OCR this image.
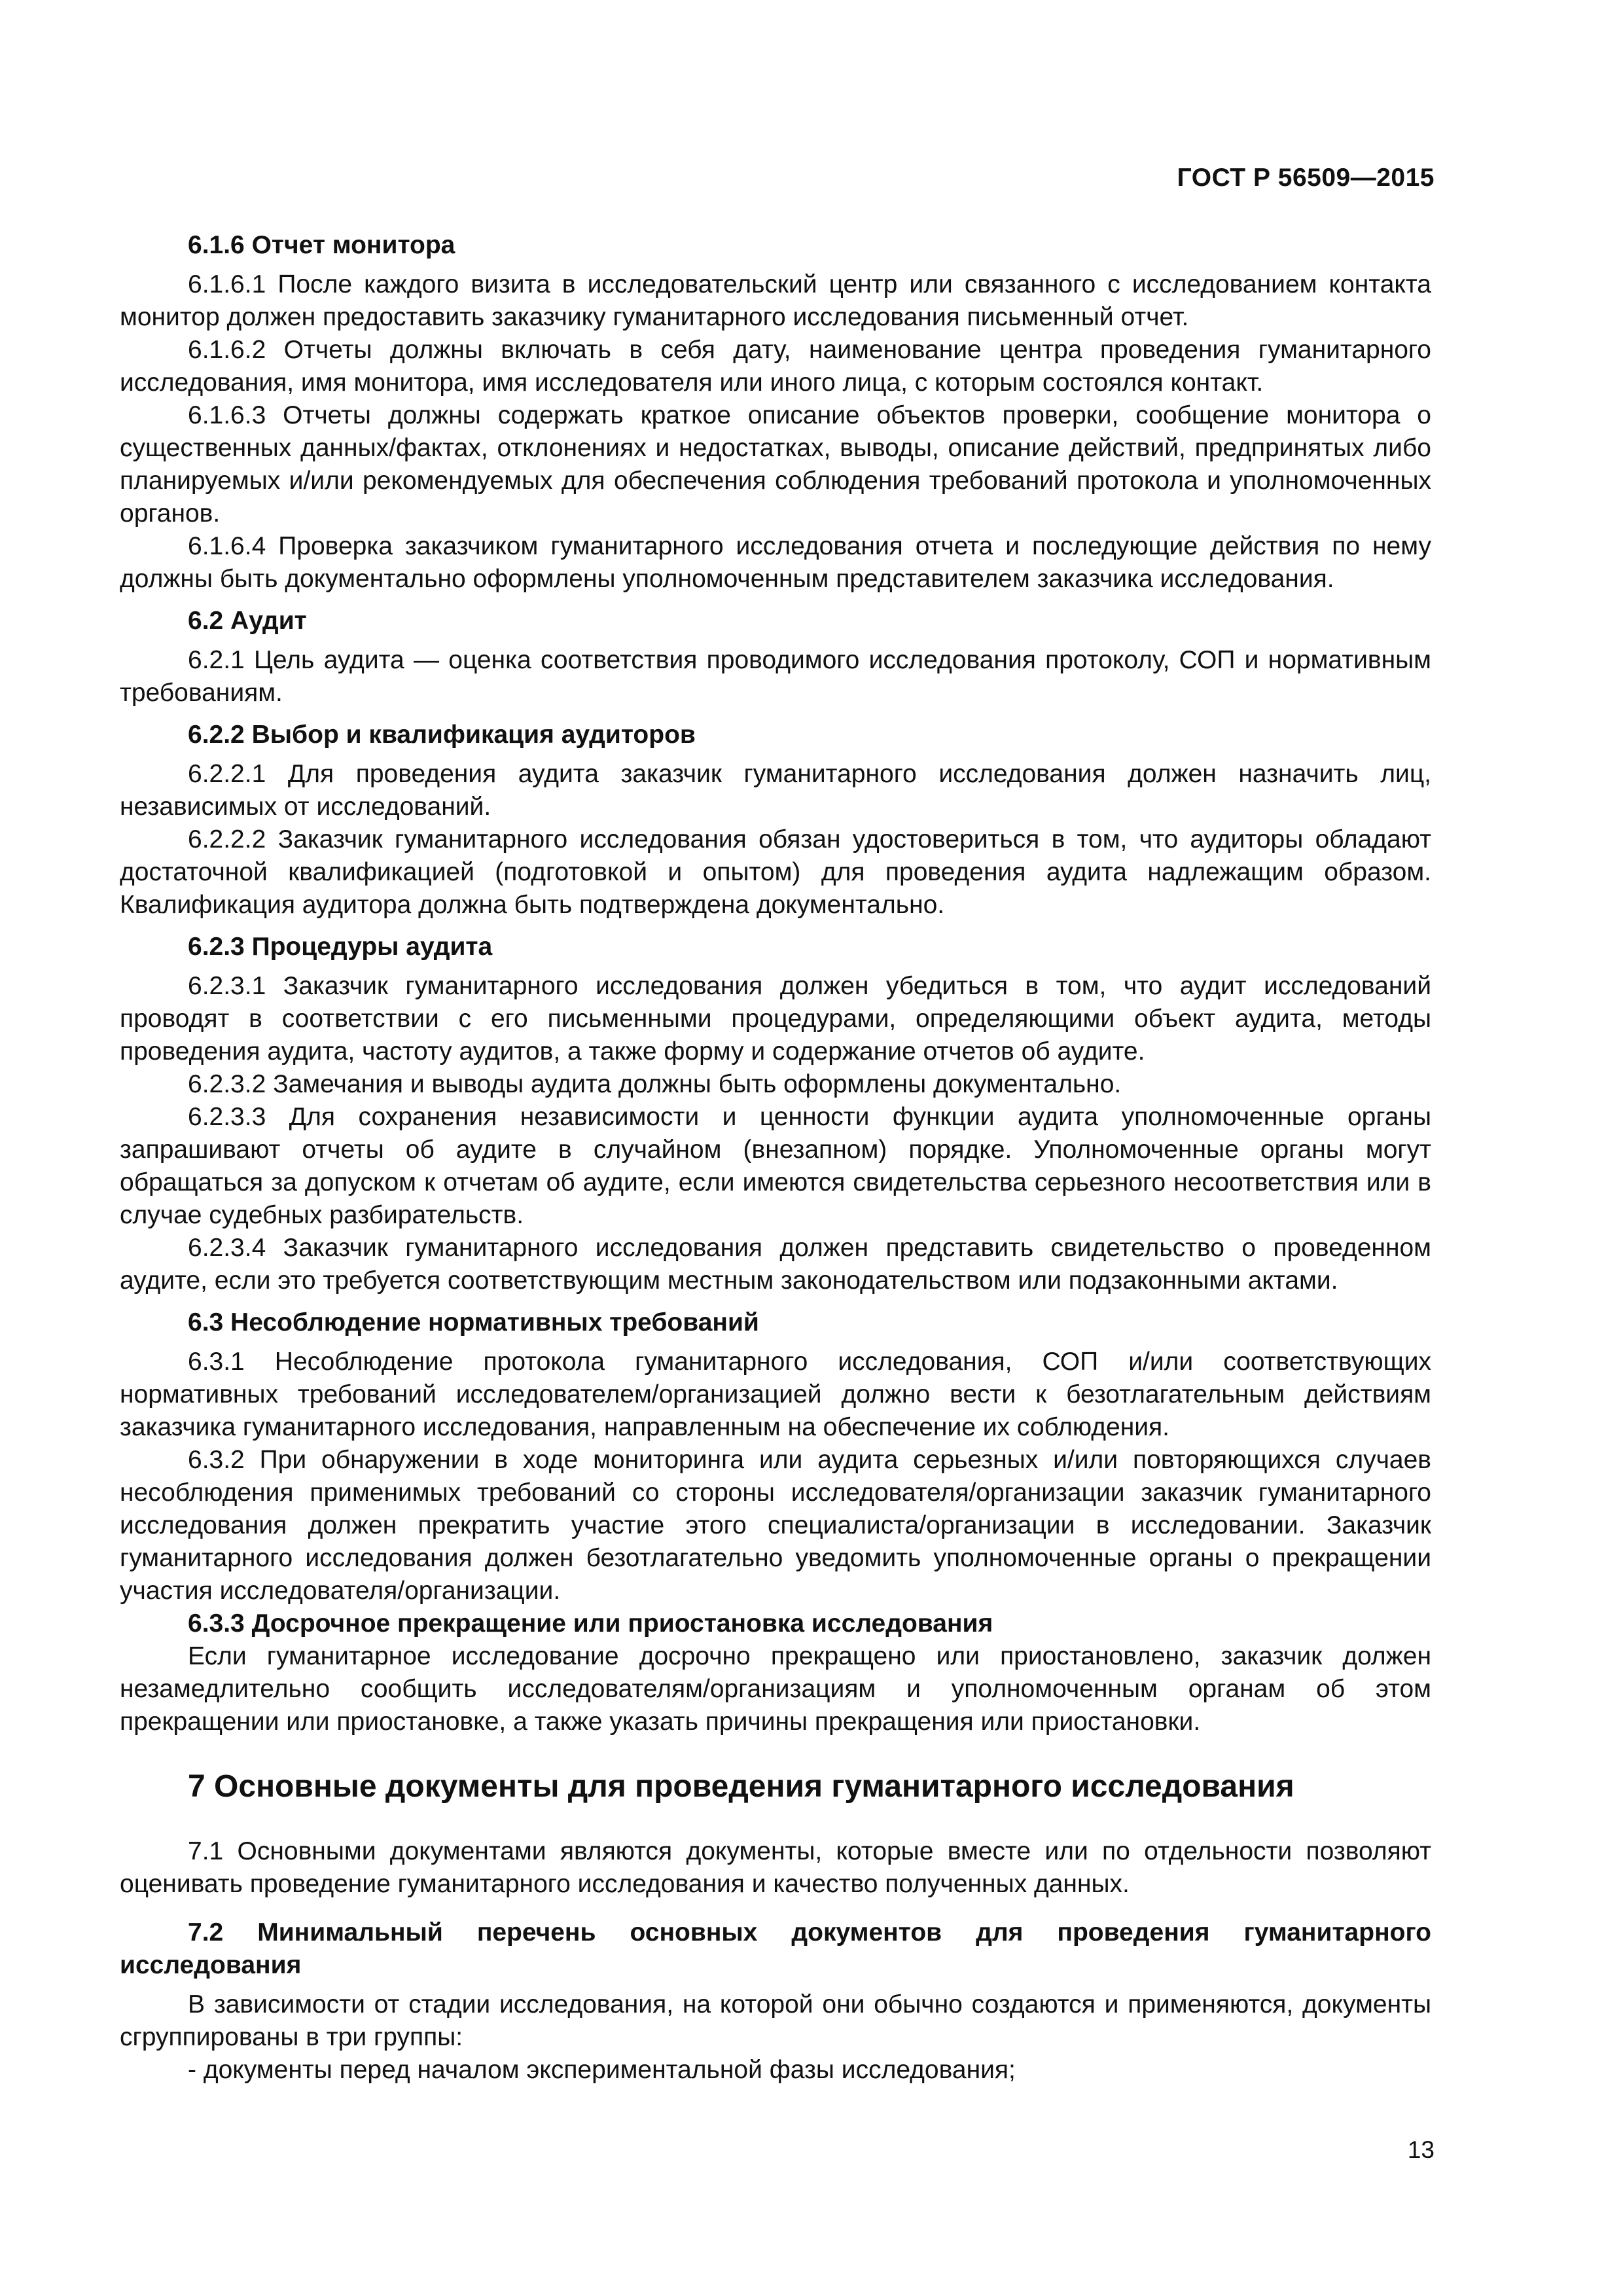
ГОСТ Р 56509—2015
6.1.6 Отчет монитора

6.1.6.1 После каждого визита в исследовательский центр или связанного с исследованием контакта монитор должен предоставить заказчику гуманитарного исследования письменный отчет.

6.1.6.2 Отчеты должны включать в себя дату, наименование центра проведения гуманитарного исследования, имя монитора, имя исследователя или иного лица, с которым состоялся контакт.

6.1.6.3 Отчеты должны содержать краткое описание объектов проверки, сообщение монитора о существенных данных/фактах, отклонениях и недостатках, выводы, описание действий, предпринятых либо планируемых и/или рекомендуемых для обеспечения соблюдения требований протокола и уполномоченных органов.

6.1.6.4 Проверка заказчиком гуманитарного исследования отчета и последующие действия по нему должны быть документально оформлены уполномоченным представителем заказчика исследования.

6.2 Аудит

6.2.1 Цель аудита — оценка соответствия проводимого исследования протоколу, СОП и нормативным требованиям.

6.2.2 Выбор и квалификация аудиторов

6.2.2.1 Для проведения аудита заказчик гуманитарного исследования должен назначить лиц, независимых от исследований.

6.2.2.2 Заказчик гуманитарного исследования обязан удостовериться в том, что аудиторы обладают достаточной квалификацией (подготовкой и опытом) для проведения аудита надлежащим образом. Квалификация аудитора должна быть подтверждена документально.

6.2.3 Процедуры аудита

6.2.3.1 Заказчик гуманитарного исследования должен убедиться в том, что аудит исследований проводят в соответствии с его письменными процедурами, определяющими объект аудита, методы проведения аудита, частоту аудитов, а также форму и содержание отчетов об аудите.

6.2.3.2 Замечания и выводы аудита должны быть оформлены документально.

6.2.3.3 Для сохранения независимости и ценности функции аудита уполномоченные органы запрашивают отчеты об аудите в случайном (внезапном) порядке. Уполномоченные органы могут обращаться за допуском к отчетам об аудите, если имеются свидетельства серьезного несоответствия или в случае судебных разбирательств.

6.2.3.4 Заказчик гуманитарного исследования должен представить свидетельство о проведенном аудите, если это требуется соответствующим местным законодательством или подзаконными актами.

6.3 Несоблюдение нормативных требований

6.3.1 Несоблюдение протокола гуманитарного исследования, СОП и/или соответствующих нормативных требований исследователем/организацией должно вести к безотлагательным действиям заказчика гуманитарного исследования, направленным на обеспечение их соблюдения.

6.3.2 При обнаружении в ходе мониторинга или аудита серьезных и/или повторяющихся случаев несоблюдения применимых требований со стороны исследователя/организации заказчик гуманитарного исследования должен прекратить участие этого специалиста/организации в исследовании. Заказчик гуманитарного исследования должен безотлагательно уведомить уполномоченные органы о прекращении участия исследователя/организации.

6.3.3 Досрочное прекращение или приостановка исследования

Если гуманитарное исследование досрочно прекращено или приостановлено, заказчик должен незамедлительно сообщить исследователям/организациям и уполномоченным органам об этом прекращении или приостановке, а также указать причины прекращения или приостановки.

7 Основные документы для проведения гуманитарного исследования

7.1 Основными документами являются документы, которые вместе или по отдельности позволяют оценивать проведение гуманитарного исследования и качество полученных данных.

7.2 Минимальный перечень основных документов для проведения гуманитарного исследования

В зависимости от стадии исследования, на которой они обычно создаются и применяются, документы сгруппированы в три группы:

- документы перед началом экспериментальной фазы исследования;

13
